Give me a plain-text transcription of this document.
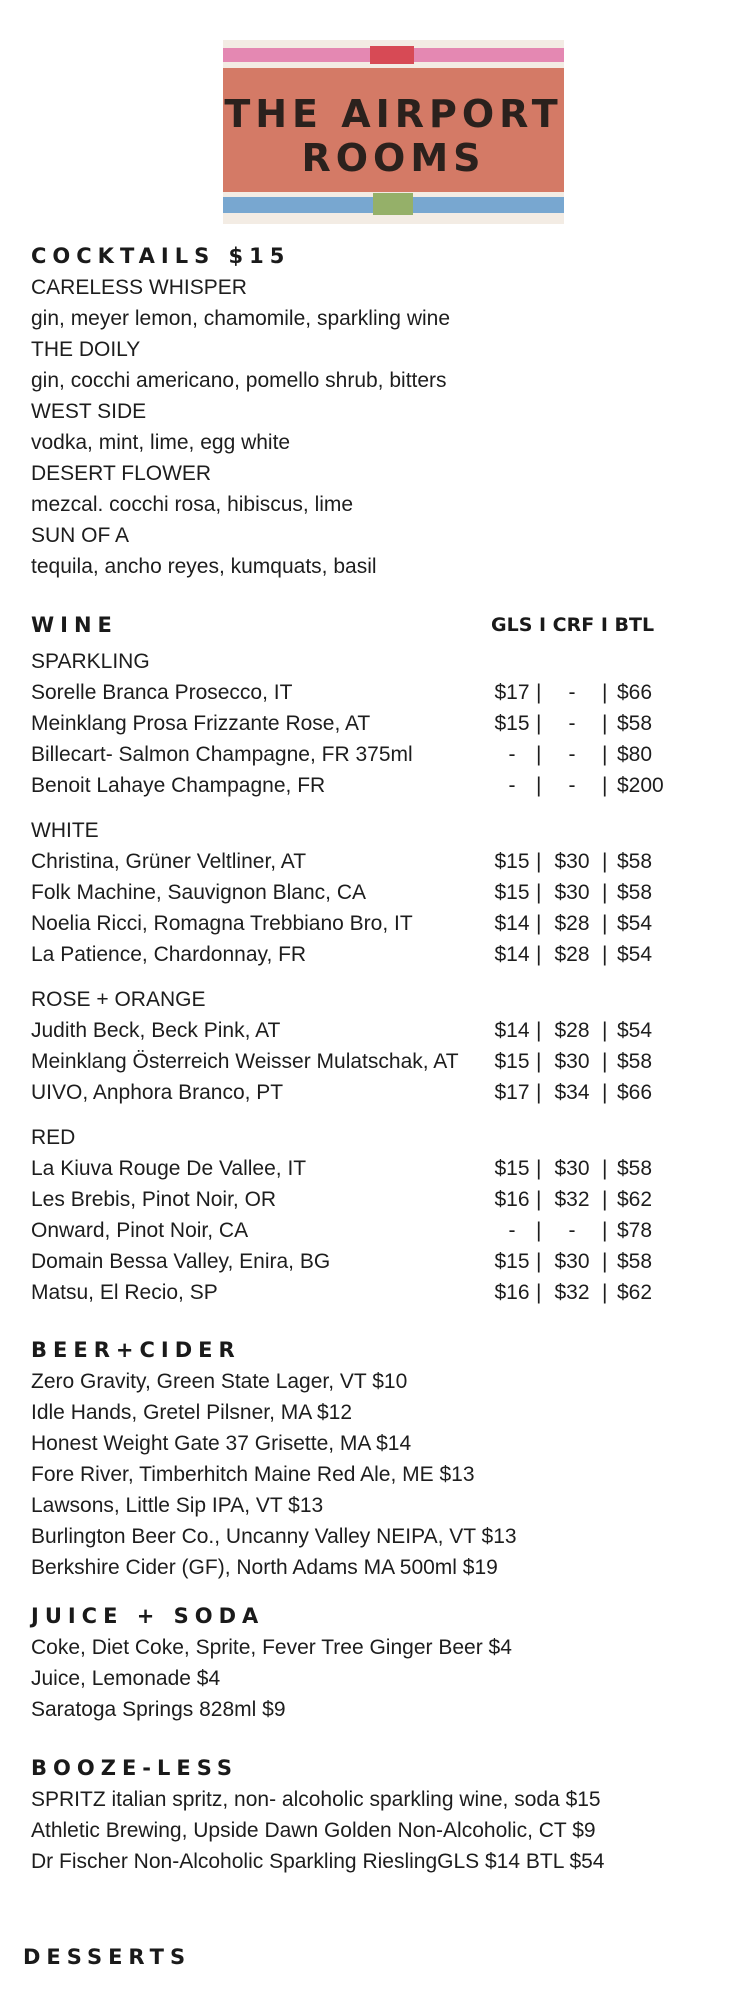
THE AIRPORT
ROOMS
COCKTAILS $15
CARELESS WHISPER
gin, meyer lemon, chamomile, sparkling wine
THE DOILY
gin, cocchi americano, pomello shrub, bitters
WEST SIDE
vodka, mint, lime, egg white
DESERT FLOWER
mezcal. cocchi rosa, hibiscus, lime
SUN OF A
tequila, ancho reyes, kumquats, basil
WINE	GLS I CRF I BTL
SPARKLING
Sorelle Branca Prosecco, IT	$17 |	-	| $66
Meinklang Prosa Frizzante Rose, AT	$15 |	-	| $58
Billecart- Salmon Champagne, FR 375ml	- |	-	| $80
Benoit Lahaye Champagne, FR	- |	-	| $200
WHITE
Christina, Grüner Veltliner, AT	$15 | $30 | $58
Folk Machine, Sauvignon Blanc, CA	$15 | $30 | $58
Noelia Ricci, Romagna Trebbiano Bro, IT	$14 | $28 | $54
La Patience, Chardonnay, FR	$14 | $28 | $54
ROSE + ORANGE
Judith Beck, Beck Pink, AT	$14 | $28 | $54
Meinklang Österreich Weisser Mulatschak, AT $15 | $30 | $58
UIVO, Anphora Branco, PT	$17 | $34 | $66
RED
La Kiuva Rouge De Vallee, IT	$15 | $30 | $58
Les Brebis, Pinot Noir, OR	$16 | $32 | $62
Onward, Pinot Noir, CA	- |	-	| $78
Domain Bessa Valley, Enira, BG	$15 | $30 | $58
Matsu, El Recio, SP	$16 | $32 | $62
BEER+CIDER
Zero Gravity, Green State Lager, VT $10
Idle Hands, Gretel Pilsner, MA $12
Honest Weight Gate 37 Grisette, MA $14
Fore River, Timberhitch Maine Red Ale, ME $13
Lawsons, Little Sip IPA, VT $13
Burlington Beer Co., Uncanny Valley NEIPA, VT $13
Berkshire Cider (GF), North Adams MA 500ml $19
JUICE + SODA
Coke, Diet Coke, Sprite, Fever Tree Ginger Beer $4
Juice, Lemonade $4
Saratoga Springs 828ml $9
BOOZE-LESS
SPRITZ italian spritz, non- alcoholic sparkling wine, soda $15
Athletic Brewing, Upside Dawn Golden Non-Alcoholic, CT $9
Dr Fischer Non-Alcoholic Sparkling RieslingGLS $14 BTL $54
DESSERTS
